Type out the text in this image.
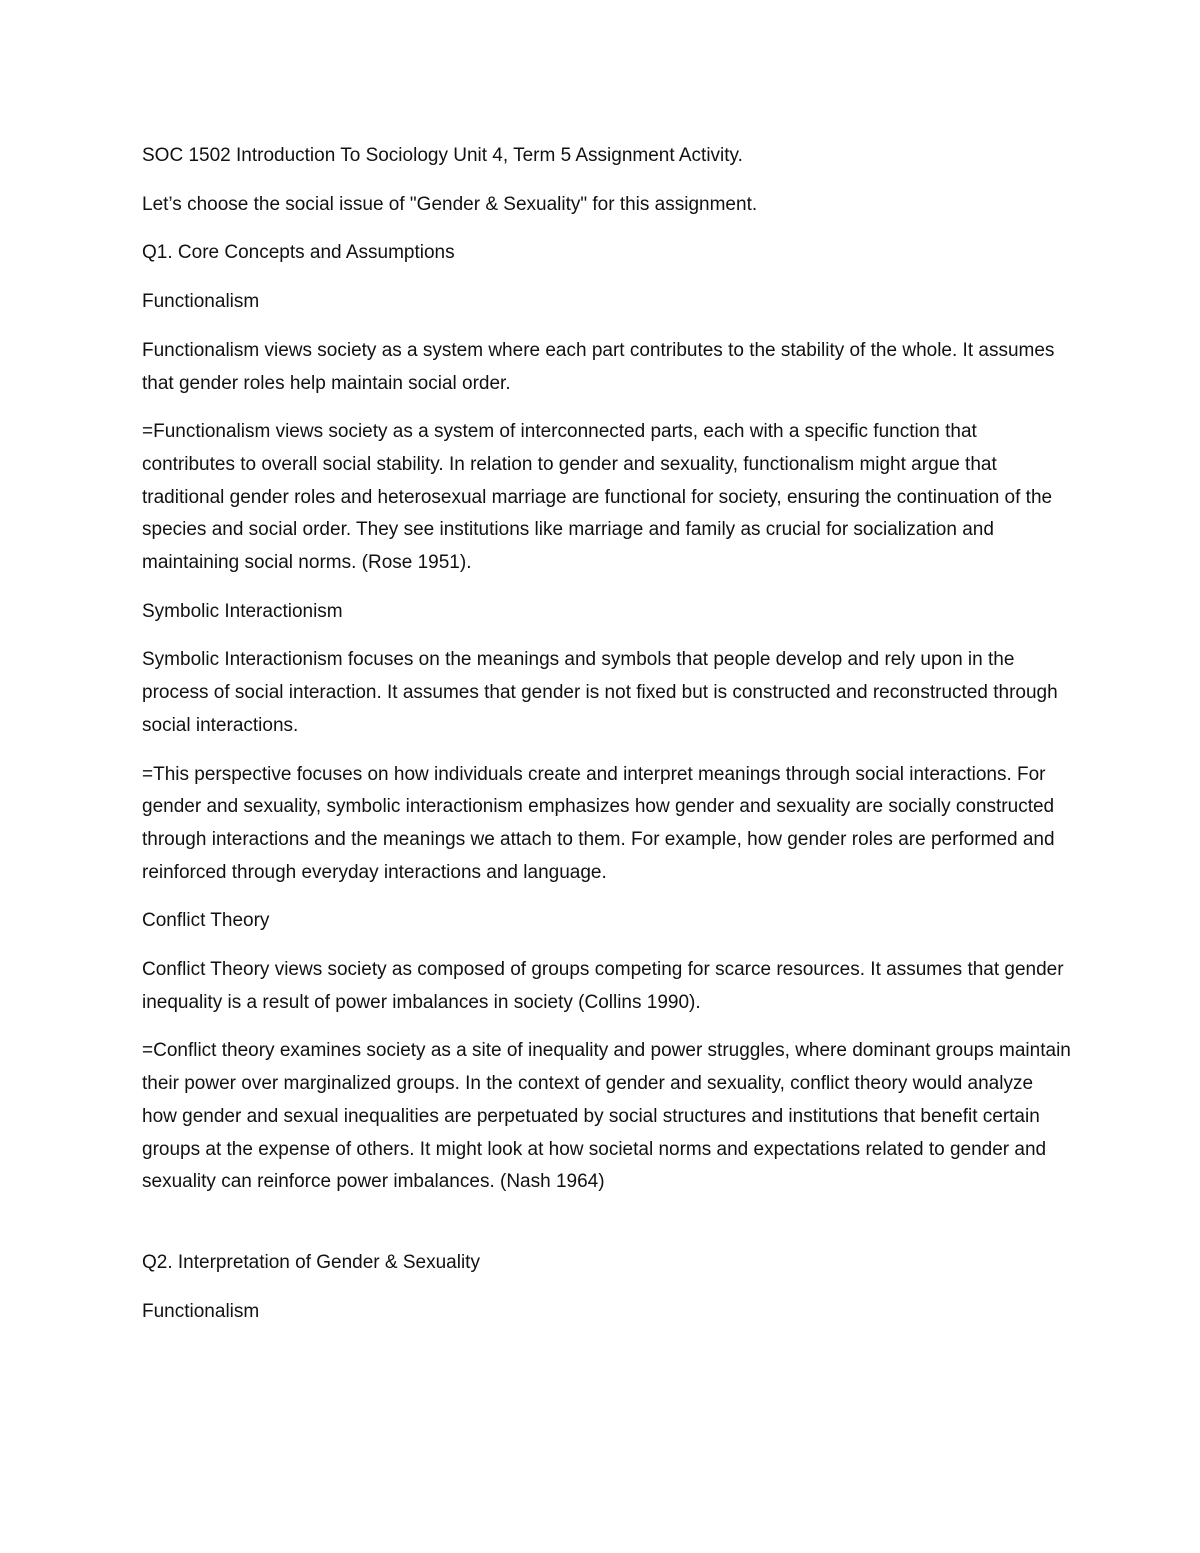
SOC 1502 Introduction To Sociology Unit 4, Term 5 Assignment Activity.

Let’s choose the social issue of "Gender & Sexuality" for this assignment.

Q1. Core Concepts and Assumptions

Functionalism

Functionalism views society as a system where each part contributes to the stability of the whole. It assumes that gender roles help maintain social order.

=Functionalism views society as a system of interconnected parts, each with a specific function that contributes to overall social stability. In relation to gender and sexuality, functionalism might argue that traditional gender roles and heterosexual marriage are functional for society, ensuring the continuation of the species and social order. They see institutions like marriage and family as crucial for socialization and maintaining social norms. (Rose 1951).

Symbolic Interactionism

Symbolic Interactionism focuses on the meanings and symbols that people develop and rely upon in the process of social interaction. It assumes that gender is not fixed but is constructed and reconstructed through social interactions.

=This perspective focuses on how individuals create and interpret meanings through social interactions. For gender and sexuality, symbolic interactionism emphasizes how gender and sexuality are socially constructed through interactions and the meanings we attach to them. For example, how gender roles are performed and reinforced through everyday interactions and language.

Conflict Theory

Conflict Theory views society as composed of groups competing for scarce resources. It assumes that gender inequality is a result of power imbalances in society (Collins 1990).

=Conflict theory examines society as a site of inequality and power struggles, where dominant groups maintain their power over marginalized groups. In the context of gender and sexuality, conflict theory would analyze how gender and sexual inequalities are perpetuated by social structures and institutions that benefit certain groups at the expense of others. It might look at how societal norms and expectations related to gender and sexuality can reinforce power imbalances. (Nash 1964)

Q2. Interpretation of Gender & Sexuality

Functionalism
